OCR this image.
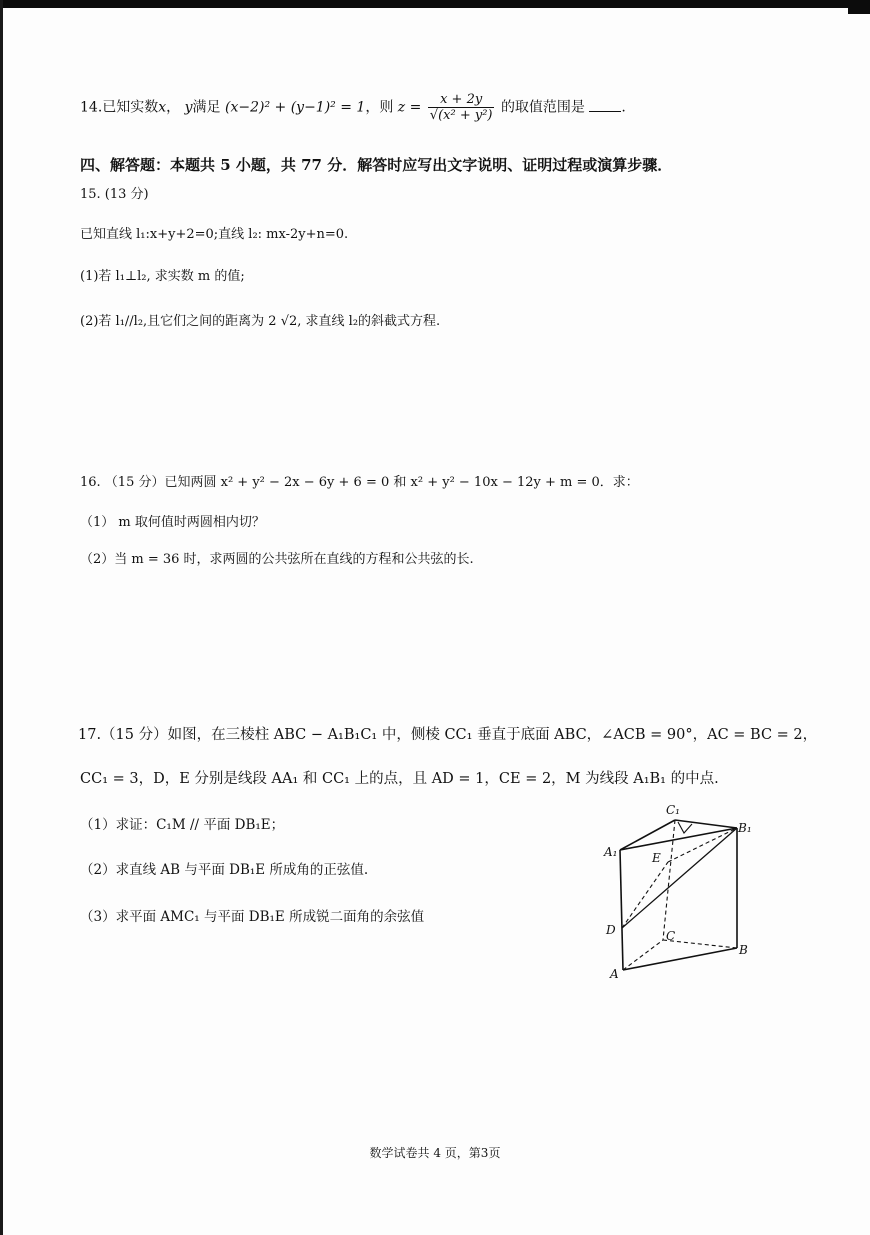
14.已知实数x， y满足 (x−2)² + (y−1)² = 1，则 $z = \frac{x + 2y}{\text{√(x² + y²)}}$ 的取值范围是	.
四、解答题：本题共 5 小题，共 77 分．解答时应写出文字说明、证明过程或演算步骤．
15. (13 分)
已知直线 l₁:x+y+2=0;直线 l₂: mx-2y+n=0.
(1)若 l₁⊥l₂, 求实数 m 的值;
(2)若 l₁//l₂,且它们之间的距离为 2 √2, 求直线 l₂的斜截式方程.
16. （15 分）已知两圆 x² + y² − 2x − 6y + 6 = 0 和 x² + y² − 10x − 12y + m = 0．求：
（1） m 取何值时两圆相内切？
（2）当 m = 36 时，求两圆的公共弦所在直线的方程和公共弦的长.
17.（15 分）如图，在三棱柱 ABC − A₁B₁C₁ 中，侧棱 CC₁ 垂直于底面 ABC，∠ACB = 90°，AC = BC = 2，
CC₁ = 3，D，E 分别是线段 AA₁ 和 CC₁ 上的点，且 AD = 1，CE = 2，M 为线段 A₁B₁ 的中点.
（1）求证：C₁M // 平面 DB₁E；
（2）求直线 AB 与平面 DB₁E 所成角的正弦值.
（3）求平面 AMC₁ 与平面 DB₁E 所成锐二面角的余弦值
C₁
B₁
A₁	E
D	C
B
A
数学试卷共 4 页，第3页
